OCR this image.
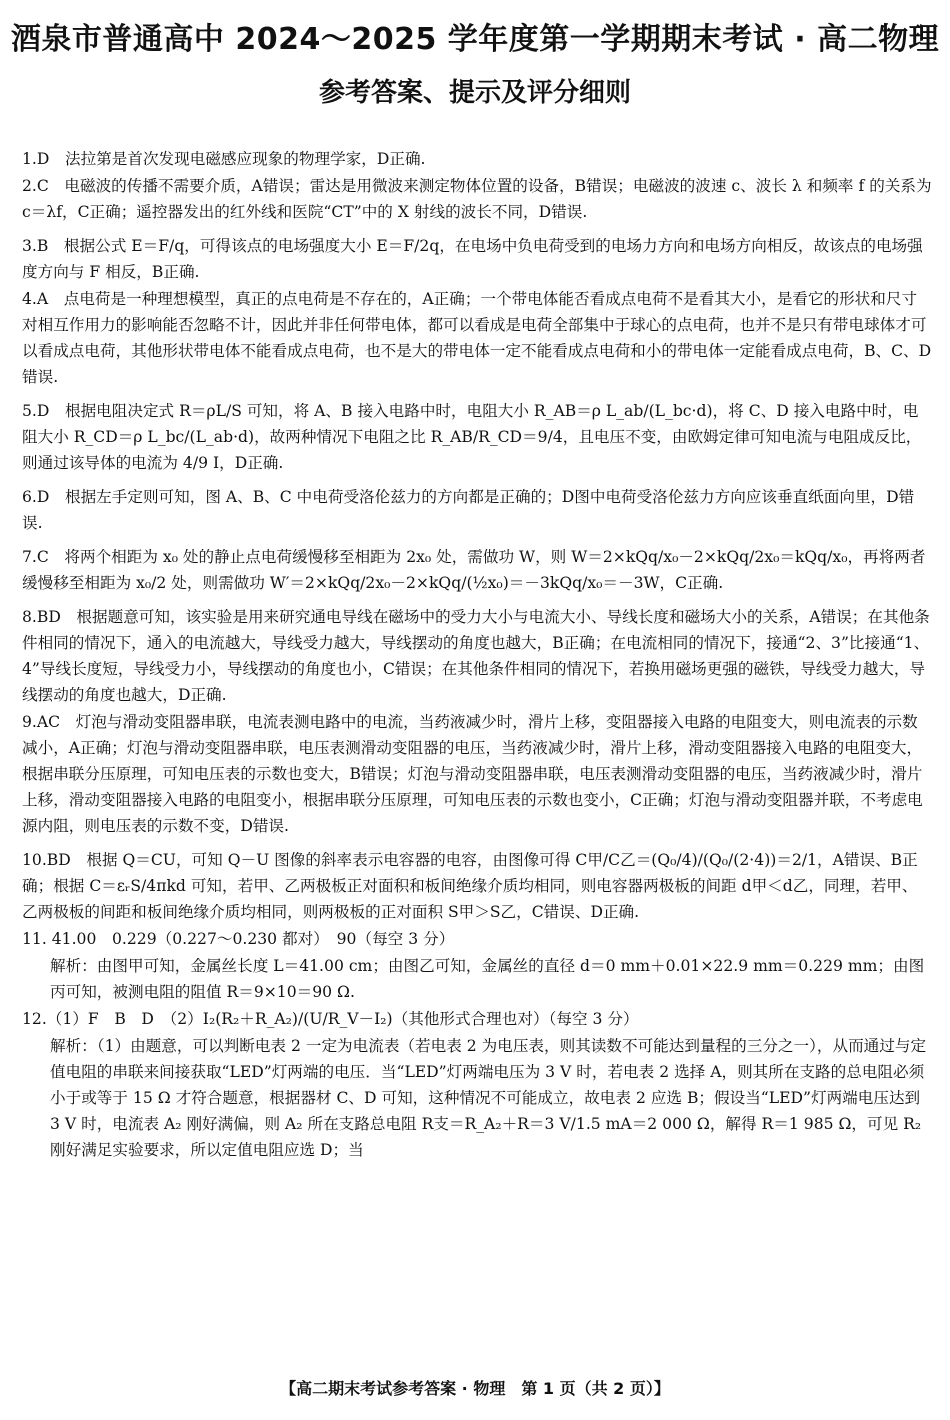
酒泉市普通高中 2024～2025 学年度第一学期期末考试 · 高二物理
参考答案、提示及评分细则
1.D　法拉第是首次发现电磁感应现象的物理学家，D正确.
2.C　电磁波的传播不需要介质，A错误；雷达是用微波来测定物体位置的设备，B错误；电磁波的波速 c、波长 λ 和频率 f 的关系为 c＝λf，C正确；遥控器发出的红外线和医院“CT”中的 X 射线的波长不同，D错误.
3.B　根据公式 E＝F/q，可得该点的电场强度大小 E＝F/2q，在电场中负电荷受到的电场力方向和电场方向相反，故该点的电场强度方向与 F 相反，B正确.
4.A　点电荷是一种理想模型，真正的点电荷是不存在的，A正确；一个带电体能否看成点电荷不是看其大小，是看它的形状和尺寸对相互作用力的影响能否忽略不计，因此并非任何带电体，都可以看成是电荷全部集中于球心的点电荷，也并不是只有带电球体才可以看成点电荷，其他形状带电体不能看成点电荷，也不是大的带电体一定不能看成点电荷和小的带电体一定能看成点电荷，B、C、D错误.
5.D　根据电阻决定式 R＝ρL/S 可知，将 A、B 接入电路中时，电阻大小 R_AB＝ρ L_ab/(L_bc·d)，将 C、D 接入电路中时，电阻大小 R_CD＝ρ L_bc/(L_ab·d)，故两种情况下电阻之比 R_AB/R_CD＝9/4，且电压不变，由欧姆定律可知电流与电阻成反比，则通过该导体的电流为 4/9 I，D正确.
6.D　根据左手定则可知，图 A、B、C 中电荷受洛伦兹力的方向都是正确的；D图中电荷受洛伦兹力方向应该垂直纸面向里，D错误.
7.C　将两个相距为 x₀ 处的静止点电荷缓慢移至相距为 2x₀ 处，需做功 W，则 W＝2×kQq/x₀－2×kQq/2x₀＝kQq/x₀，再将两者缓慢移至相距为 x₀/2 处，则需做功 W′＝2×kQq/2x₀－2×kQq/(½x₀)＝－3kQq/x₀＝－3W，C正确.
8.BD　根据题意可知，该实验是用来研究通电导线在磁场中的受力大小与电流大小、导线长度和磁场大小的关系，A错误；在其他条件相同的情况下，通入的电流越大，导线受力越大，导线摆动的角度也越大，B正确；在电流相同的情况下，接通“2、3”比接通“1、4”导线长度短，导线受力小，导线摆动的角度也小，C错误；在其他条件相同的情况下，若换用磁场更强的磁铁，导线受力越大，导线摆动的角度也越大，D正确.
9.AC　灯泡与滑动变阻器串联，电流表测电路中的电流，当药液减少时，滑片上移，变阻器接入电路的电阻变大，则电流表的示数减小，A正确；灯泡与滑动变阻器串联，电压表测滑动变阻器的电压，当药液减少时，滑片上移，滑动变阻器接入电路的电阻变大，根据串联分压原理，可知电压表的示数也变大，B错误；灯泡与滑动变阻器串联，电压表测滑动变阻器的电压，当药液减少时，滑片上移，滑动变阻器接入电路的电阻变小，根据串联分压原理，可知电压表的示数也变小，C正确；灯泡与滑动变阻器并联，不考虑电源内阻，则电压表的示数不变，D错误.
10.BD　根据 Q＝CU，可知 Q－U 图像的斜率表示电容器的电容，由图像可得 C甲/C乙＝(Q₀/4)/(Q₀/(2·4))＝2/1，A错误、B正确；根据 C＝εᵣS/4πkd 可知，若甲、乙两极板正对面积和板间绝缘介质均相同，则电容器两极板的间距 d甲＜d乙，同理，若甲、乙两极板的间距和板间绝缘介质均相同，则两极板的正对面积 S甲＞S乙，C错误、D正确.
11. 41.00　0.229（0.227～0.230 都对）　90（每空 3 分）
解析：由图甲可知，金属丝长度 L＝41.00 cm；由图乙可知，金属丝的直径 d＝0 mm＋0.01×22.9 mm＝0.229 mm；由图丙可知，被测电阻的阻值 R＝9×10＝90 Ω.
12.（1）F　B　D　（2）I₂(R₂＋R_A₂)/(U/R_V－I₂)（其他形式合理也对）（每空 3 分）
解析：（1）由题意，可以判断电表 2 一定为电流表（若电表 2 为电压表，则其读数不可能达到量程的三分之一），从而通过与定值电阻的串联来间接获取“LED”灯两端的电压．当“LED”灯两端电压为 3 V 时，若电表 2 选择 A，则其所在支路的总电阻必须小于或等于 15 Ω 才符合题意，根据器材 C、D 可知，这种情况不可能成立，故电表 2 应选 B；假设当“LED”灯两端电压达到 3 V 时，电流表 A₂ 刚好满偏，则 A₂ 所在支路总电阻 R支＝R_A₂＋R＝3 V/1.5 mA＝2 000 Ω，解得 R＝1 985 Ω，可见 R₂ 刚好满足实验要求，所以定值电阻应选 D；当
【高二期末考试参考答案 · 物理　第 1 页（共 2 页）】
